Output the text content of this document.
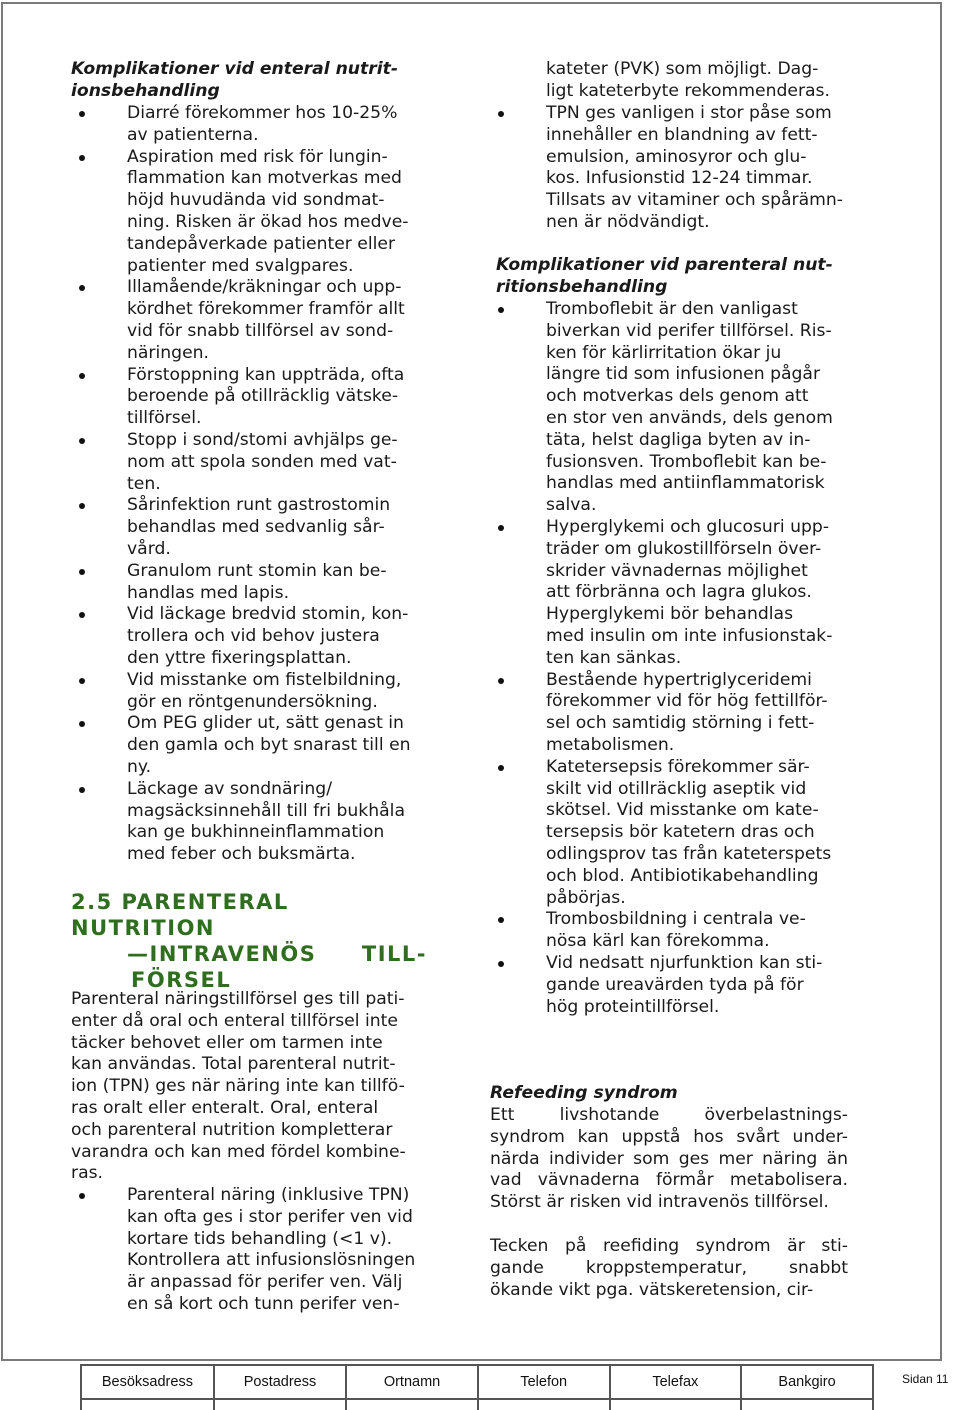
Komplikationer vid enteral nutrit-
ionsbehandling
Diarré förekommer hos 10-25%
av patienterna.
Aspiration med risk för lungin-
flammation kan motverkas med
höjd huvudända vid sondmat-
ning. Risken är ökad hos medve-
tandepåverkade patienter eller
patienter med svalgpares.
Illamående/kräkningar och upp-
kördhet förekommer framför allt
vid för snabb tillförsel av sond-
näringen.
Förstoppning kan uppträda, ofta
beroende på otillräcklig vätske-
tillförsel.
Stopp i sond/stomi avhjälps ge-
nom att spola sonden med vat-
ten.
Sårinfektion runt gastrostomin
behandlas med sedvanlig sår-
vård.
Granulom runt stomin kan be-
handlas med lapis.
Vid läckage bredvid stomin, kon-
trollera och vid behov justera
den yttre fixeringsplattan.
Vid misstanke om fistelbildning,
gör en röntgenundersökning.
Om PEG glider ut, sätt genast in
den gamla och byt snarast till en
ny.
Läckage av sondnäring/
magsäcksinnehåll till fri bukhåla
kan ge bukhinneinflammation
med feber och buksmärta.
2.5 PARENTERAL NUTRITION
—INTRAVENÖS TILL-
FÖRSEL
Parenteral näringstillförsel ges till pati-
enter då oral och enteral tillförsel inte
täcker behovet eller om tarmen inte
kan användas. Total parenteral nutrit-
ion (TPN) ges när näring inte kan tillfö-
ras oralt eller enteralt. Oral, enteral
och parenteral nutrition kompletterar
varandra och kan med fördel kombine-
ras.
Parenteral näring (inklusive TPN)
kan ofta ges i stor perifer ven vid
kortare tids behandling (<1 v).
Kontrollera att infusionslösningen
är anpassad för perifer ven. Välj
en så kort och tunn perifer ven-
kateter (PVK) som möjligt. Dag-
ligt kateterbyte rekommenderas.
TPN ges vanligen i stor påse som
innehåller en blandning av fett-
emulsion, aminosyror och glu-
kos. Infusionstid 12-24 timmar.
Tillsats av vitaminer och spårämn-
nen är nödvändigt.
Komplikationer vid parenteral nut-
ritionsbehandling
Tromboflebit är den vanligast
biverkan vid perifer tillförsel. Ris-
ken för kärlirritation ökar ju
längre tid som infusionen pågår
och motverkas dels genom att
en stor ven används, dels genom
täta, helst dagliga byten av in-
fusionsven. Tromboflebit kan be-
handlas med antiinflammatorisk
salva.
Hyperglykemi och glucosuri upp-
träder om glukostillförseln över-
skrider vävnadernas möjlighet
att förbränna och lagra glukos.
Hyperglykemi bör behandlas
med insulin om inte infusionstak-
ten kan sänkas.
Bestående hypertriglyceridemi
förekommer vid för hög fettillför-
sel och samtidig störning i fett-
metabolismen.
Katetersepsis förekommer sär-
skilt vid otillräcklig aseptik vid
skötsel. Vid misstanke om kate-
tersepsis bör katetern dras och
odlingsprov tas från kateterspets
och blod. Antibiotikabehandling
påbörjas.
Trombosbildning i centrala ve-
nösa kärl kan förekomma.
Vid nedsatt njurfunktion kan sti-
gande ureavärden tyda på för
hög proteintillförsel.
Refeeding syndrom
Ett livshotande överbelastnings-
syndrom kan uppstå hos svårt under-
närda individer som ges mer näring än
vad vävnaderna förmår metabolisera.
Störst är risken vid intravenös tillförsel.
Tecken på reefiding syndrom är sti-
gande kroppstemperatur, snabbt
ökande vikt pga. vätskeretension, cir-
Besöksadress	Postadress	Ortnamn	Telefon	Telefax	Bankgiro
						Sidan 11
